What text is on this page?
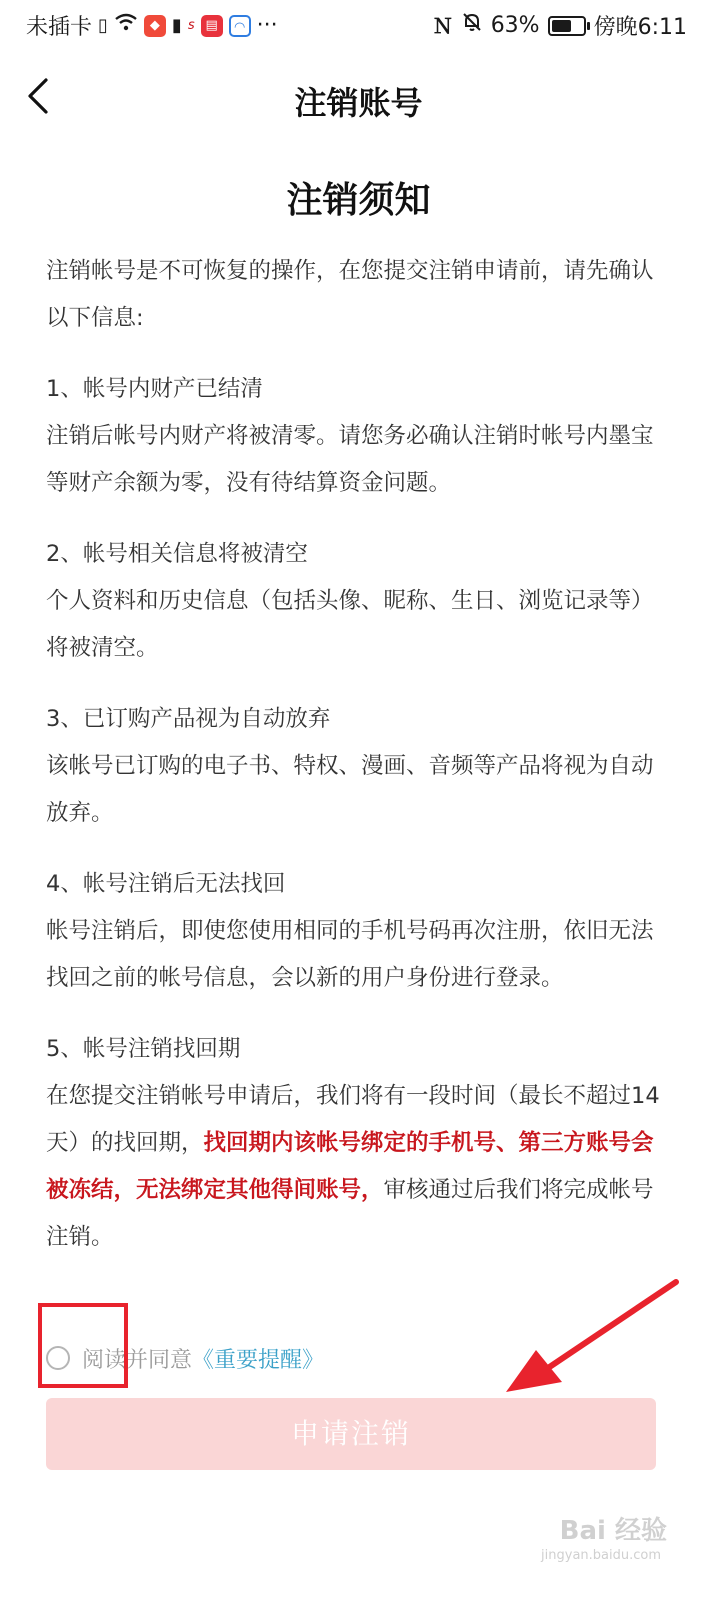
未插卡 ▯	◆ ▮ s ▤	◠ ···	Ｎ 63% 傍晚6:11
注销账号
注销须知

注销帐号是不可恢复的操作，在您提交注销申请前，请先确认以下信息:

1、帐号内财产已结清

注销后帐号内财产将被清零。请您务必确认注销时帐号内墨宝等财产余额为零，没有待结算资金问题。

2、帐号相关信息将被清空

个人资料和历史信息（包括头像、昵称、生日、浏览记录等）将被清空。

3、已订购产品视为自动放弃

该帐号已订购的电子书、特权、漫画、音频等产品将视为自动放弃。

4、帐号注销后无法找回

帐号注销后，即使您使用相同的手机号码再次注册，依旧无法找回之前的帐号信息，会以新的用户身份进行登录。

5、帐号注销找回期

在您提交注销帐号申请后，我们将有一段时间（最长不超过14天）的找回期，找回期内该帐号绑定的手机号、第三方账号会被冻结，无法绑定其他得间账号，审核通过后我们将完成帐号注销。

阅读并同意 《重要提醒》
申请注销
Bai 经验
jingyan.baidu.com
